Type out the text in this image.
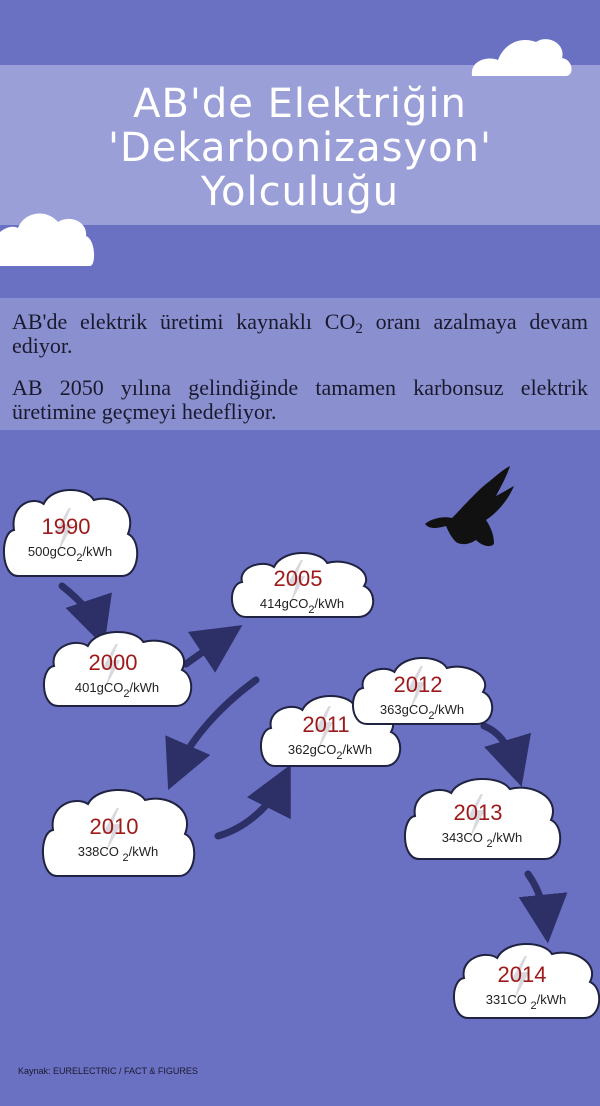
AB'de Elektriğin
'Dekarbonizasyon'
Yolculuğu

AB'de elektrik üretimi kaynaklı $CO_2$ oranı azalmaya devam ediyor.

AB 2050 yılına gelindiğinde tamamen karbonsuz elektrik üretimine geçmeyi hedefliyor.

1990
500gCO$_2$/kWh
2000
401gCO$_2$/kWh
2005
414gCO$_2$/kWh
2010
338CO $_2$/kWh
2011
362gCO$_2$/kWh
2012
363gCO$_2$/kWh
2013
343CO $_2$/kWh
2014
331CO $_2$/kWh
Kaynak: EURELECTRIC / FACT & FIGURES
